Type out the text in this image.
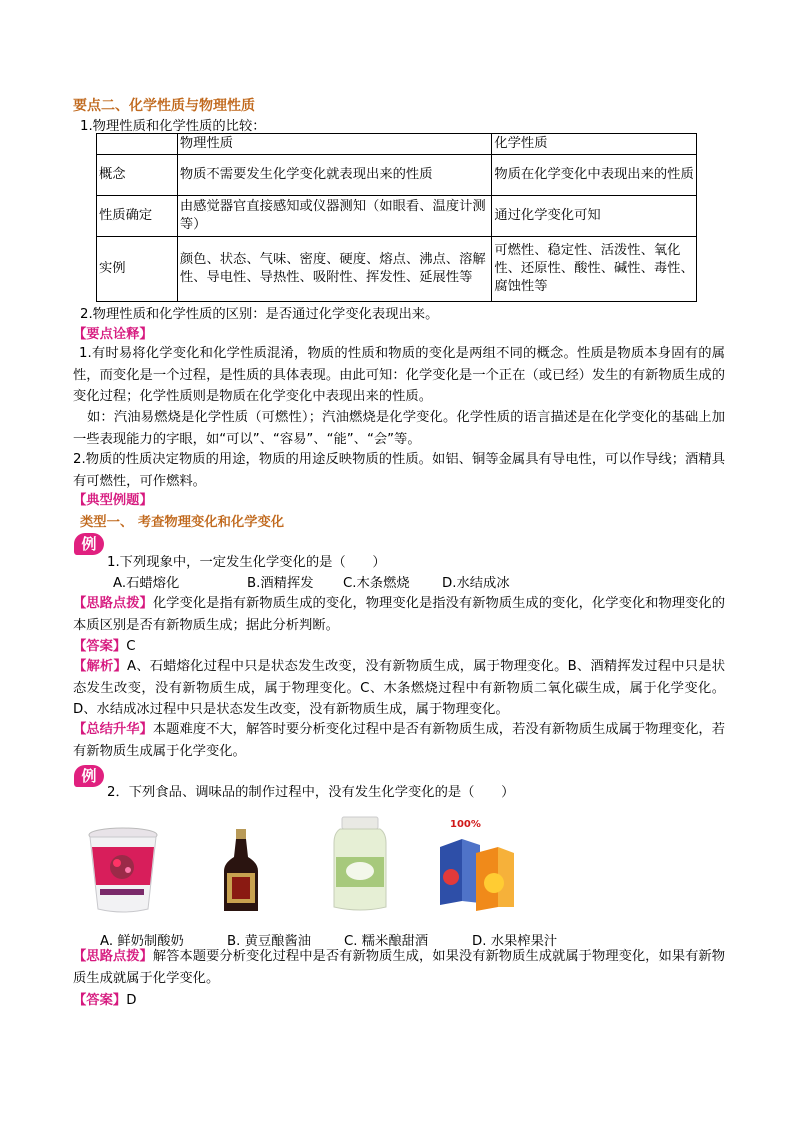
要点二、化学性质与物理性质
1.物理性质和化学性质的比较：
	物理性质	化学性质
概念	物质不需要发生化学变化就表现出来的性质	物质在化学变化中表现出来的性质
性质确定	由感觉器官直接感知或仪器测知（如眼看、温度计测等）	通过化学变化可知
实例	颜色、状态、气味、密度、硬度、熔点、沸点、溶解性、导电性、导热性、吸附性、挥发性、延展性等	可燃性、稳定性、活泼性、氧化性、还原性、酸性、碱性、毒性、腐蚀性等
2.物理性质和化学性质的区别：是否通过化学变化表现出来。
【要点诠释】
1.有时易将化学变化和化学性质混淆，物质的性质和物质的变化是两组不同的概念。性质是物质本身固有的属性，而变化是一个过程，是性质的具体表现。由此可知：化学变化是一个正在（或已经）发生的有新物质生成的变化过程；化学性质则是物质在化学变化中表现出来的性质。
如：汽油易燃烧是化学性质（可燃性）；汽油燃烧是化学变化。化学性质的语言描述是在化学变化的基础上加一些表现能力的字眼，如“可以”、“容易”、“能”、“会”等。
2.物质的性质决定物质的用途，物质的用途反映物质的性质。如铝、铜等金属具有导电性，可以作导线；酒精具有可燃性，可作燃料。
【典型例题】
类型一、 考查物理变化和化学变化
例
1.下列现象中，一定发生化学变化的是（　　）
A.石蜡熔化	B.酒精挥发 C.木条燃烧 D.水结成冰
【思路点拨】化学变化是指有新物质生成的变化，物理变化是指没有新物质生成的变化，化学变化和物理变化的本质区别是否有新物质生成；据此分析判断。
【答案】C
【解析】A、石蜡熔化过程中只是状态发生改变，没有新物质生成，属于物理变化。B、酒精挥发过程中只是状态发生改变，没有新物质生成，属于物理变化。C、木条燃烧过程中有新物质二氧化碳生成，属于化学变化。D、水结成冰过程中只是状态发生改变，没有新物质生成，属于物理变化。
【总结升华】本题难度不大，解答时要分析变化过程中是否有新物质生成，若没有新物质生成属于物理变化，若有新物质生成属于化学变化。
例
2．下列食品、调味品的制作过程中，没有发生化学变化的是（　　）
100%
A. 鲜奶制酸奶	B. 黄豆酿酱油 C. 糯米酿甜酒	D. 水果榨果汁
【思路点拨】解答本题要分析变化过程中是否有新物质生成，如果没有新物质生成就属于物理变化，如果有新物质生成就属于化学变化。
【答案】D
